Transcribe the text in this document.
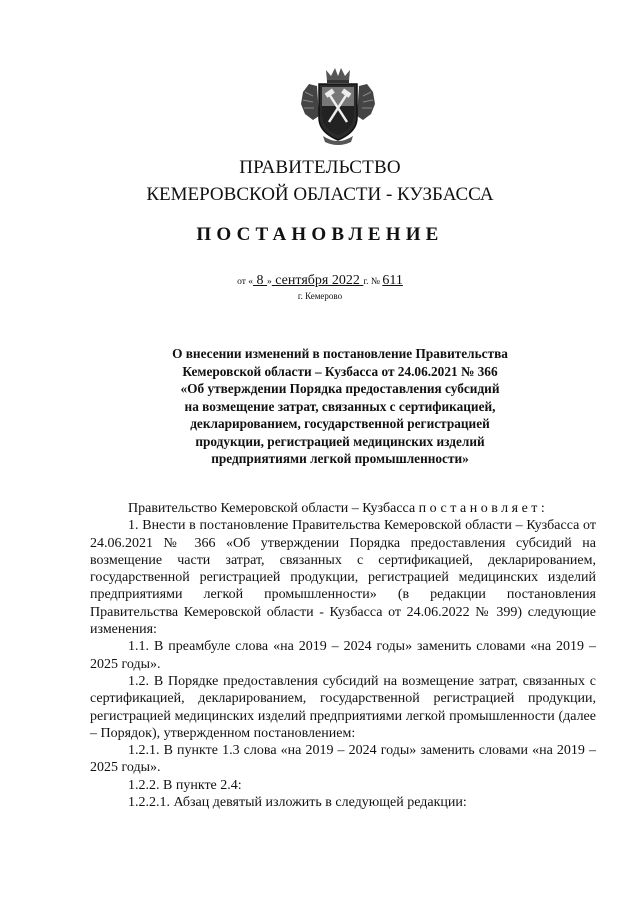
ПРАВИТЕЛЬСТВО
КЕМЕРОВСКОЙ ОБЛАСТИ - КУЗБАССА
ПОСТАНОВЛЕНИЕ
от « 8 » сентября 2022 г. № 611
г. Кемерово
О внесении изменений в постановление Правительства
Кемеровской области – Кузбасса от 24.06.2021 № 366
«Об утверждении Порядка предоставления субсидий
на возмещение затрат, связанных с сертификацией,
декларированием, государственной регистрацией
продукции, регистрацией медицинских изделий
предприятиями легкой промышленности»

Правительство Кемеровской области – Кузбасса постановляет:

1. Внести в постановление Правительства Кемеровской области – Кузбасса от 24.06.2021 № 366 «Об утверждении Порядка предоставления субсидий на возмещение части затрат, связанных с сертификацией, декларированием, государственной регистрацией продукции, регистрацией медицинских изделий предприятиями легкой промышленности» (в редакции постановления Правительства Кемеровской области - Кузбасса от 24.06.2022 № 399) следующие изменения:

1.1. В преамбуле слова «на 2019 – 2024 годы» заменить словами «на 2019 – 2025 годы».

1.2. В Порядке предоставления субсидий на возмещение затрат, связанных с сертификацией, декларированием, государственной регистрацией продукции, регистрацией медицинских изделий предприятиями легкой промышленности (далее – Порядок), утвержденном постановлением:

1.2.1. В пункте 1.3 слова «на 2019 – 2024 годы» заменить словами «на 2019 – 2025 годы».

1.2.2. В пункте 2.4:

1.2.2.1. Абзац девятый изложить в следующей редакции:
